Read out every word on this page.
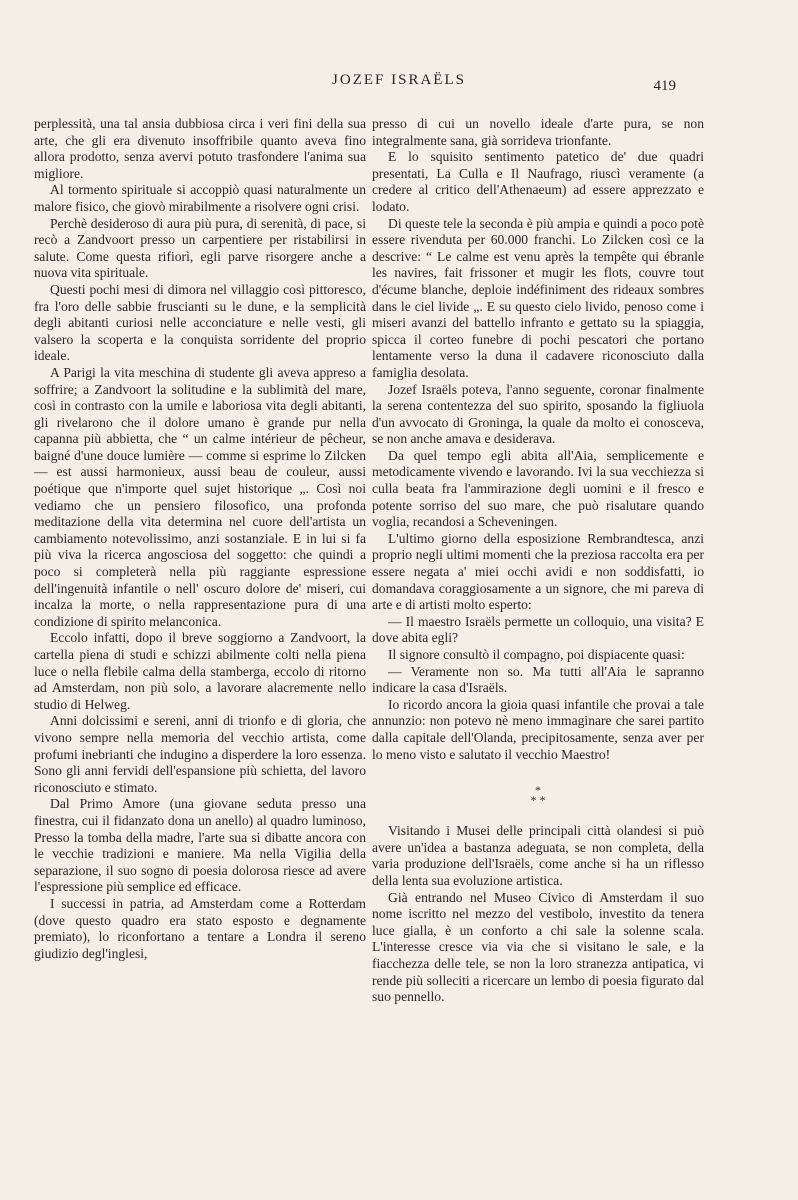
JOZEF ISRAËLS	419

perplessità, una tal ansia dubbiosa circa i veri fini della sua arte, che gli era divenuto insoffribile quanto aveva fino allora prodotto, senza avervi potuto trasfondere l'anima sua migliore.

Al tormento spirituale si accoppiò quasi naturalmente un malore fisico, che giovò mirabilmente a risolvere ogni crisi.

Perchè desideroso di aura più pura, di serenità, di pace, si recò a Zandvoort presso un carpentiere per ristabilirsi in salute. Come questa rifiorì, egli parve risorgere anche a nuova vita spirituale.

Questi pochi mesi di dimora nel villaggio così pittoresco, fra l'oro delle sabbie fruscianti su le dune, e la semplicità degli abitanti curiosi nelle acconciature e nelle vesti, gli valsero la scoperta e la conquista sorridente del proprio ideale.

A Parigi la vita meschina di studente gli aveva appreso a soffrire; a Zandvoort la solitudine e la sublimità del mare, così in contrasto con la umile e laboriosa vita degli abitanti, gli rivelarono che il dolore umano è grande pur nella capanna più abbietta, che “ un calme intérieur de pêcheur, baigné d'une douce lumière — comme si esprime lo Zilcken — est aussi harmonieux, aussi beau de couleur, aussi poétique que n'importe quel sujet historique „. Così noi vediamo che un pensiero filosofico, una profonda meditazione della vita determina nel cuore dell'artista un cambiamento notevolissimo, anzi sostanziale. E in lui si fa più viva la ricerca angosciosa del soggetto: che quindi a poco si completerà nella più raggiante espressione dell'ingenuità infantile o nell' oscuro dolore de' miseri, cui incalza la morte, o nella rappresentazione pura di una condizione di spirito melanconica.

Eccolo infatti, dopo il breve soggiorno a Zandvoort, la cartella piena di studi e schizzi abilmente colti nella piena luce o nella flebile calma della stamberga, eccolo di ritorno ad Amsterdam, non più solo, a lavorare alacremente nello studio di Helweg.

Anni dolcissimi e sereni, anni di trionfo e di gloria, che vivono sempre nella memoria del vecchio artista, come profumi inebrianti che indugino a disperdere la loro essenza. Sono gli anni fervidi dell'espansione più schietta, del lavoro riconosciuto e stimato.

Dal Primo Amore (una giovane seduta presso una finestra, cui il fidanzato dona un anello) al quadro luminoso, Presso la tomba della madre, l'arte sua si dibatte ancora con le vecchie tradizioni e maniere. Ma nella Vigilia della separazione, il suo sogno di poesia dolorosa riesce ad avere l'espressione più semplice ed efficace.

I successi in patria, ad Amsterdam come a Rotterdam (dove questo quadro era stato esposto e degnamente premiato), lo riconfortano a tentare a Londra il sereno giudizio degl'inglesi,

presso di cui un novello ideale d'arte pura, se non integralmente sana, già sorrideva trionfante.

E lo squisito sentimento patetico de' due quadri presentati, La Culla e Il Naufrago, riuscì veramente (a credere al critico dell'Athenaeum) ad essere apprezzato e lodato.

Di queste tele la seconda è più ampia e quindi a poco potè essere rivenduta per 60.000 franchi. Lo Zilcken così ce la descrive: “ Le calme est venu après la tempête qui ébranle les navires, fait frissoner et mugir les flots, couvre tout d'écume blanche, deploie indéfiniment des rideaux sombres dans le ciel livide „. E su questo cielo livido, penoso come i miseri avanzi del battello infranto e gettato su la spiaggia, spicca il corteo funebre di pochi pescatori che portano lentamente verso la duna il cadavere riconosciuto dalla famiglia desolata.

Jozef Israëls poteva, l'anno seguente, coronar finalmente la serena contentezza del suo spirito, sposando la figliuola d'un avvocato di Groninga, la quale da molto ei conosceva, se non anche amava e desiderava.

Da quel tempo egli abita all'Aia, semplicemente e metodicamente vivendo e lavorando. Ivi la sua vecchiezza si culla beata fra l'ammirazione degli uomini e il fresco e potente sorriso del suo mare, che può risalutare quando voglia, recandosi a Scheveningen.

L'ultimo giorno della esposizione Rembrandtesca, anzi proprio negli ultimi momenti che la preziosa raccolta era per essere negata a' miei occhi avidi e non soddisfatti, io domandava coraggiosamente a un signore, che mi pareva di arte e di artisti molto esperto:

— Il maestro Israëls permette un colloquio, una visita? E dove abita egli?

Il signore consultò il compagno, poi dispiacente quasi:

— Veramente non so. Ma tutti all'Aia le sapranno indicare la casa d'Israëls.

Io ricordo ancora la gioia quasi infantile che provai a tale annunzio: non potevo nè meno immaginare che sarei partito dalla capitale dell'Olanda, precipitosamente, senza aver per lo meno visto e salutato il vecchio Maestro!

*
* *

Visitando i Musei delle principali città olandesi si può avere un'idea a bastanza adeguata, se non completa, della varia produzione dell'Israëls, come anche si ha un riflesso della lenta sua evoluzione artistica.

Già entrando nel Museo Civico di Amsterdam il suo nome iscritto nel mezzo del vestibolo, investito da tenera luce gialla, è un conforto a chi sale la solenne scala. L'interesse cresce via via che si visitano le sale, e la fiacchezza delle tele, se non la loro stranezza antipatica, vi rende più solleciti a ricercare un lembo di poesia figurato dal suo pennello.
